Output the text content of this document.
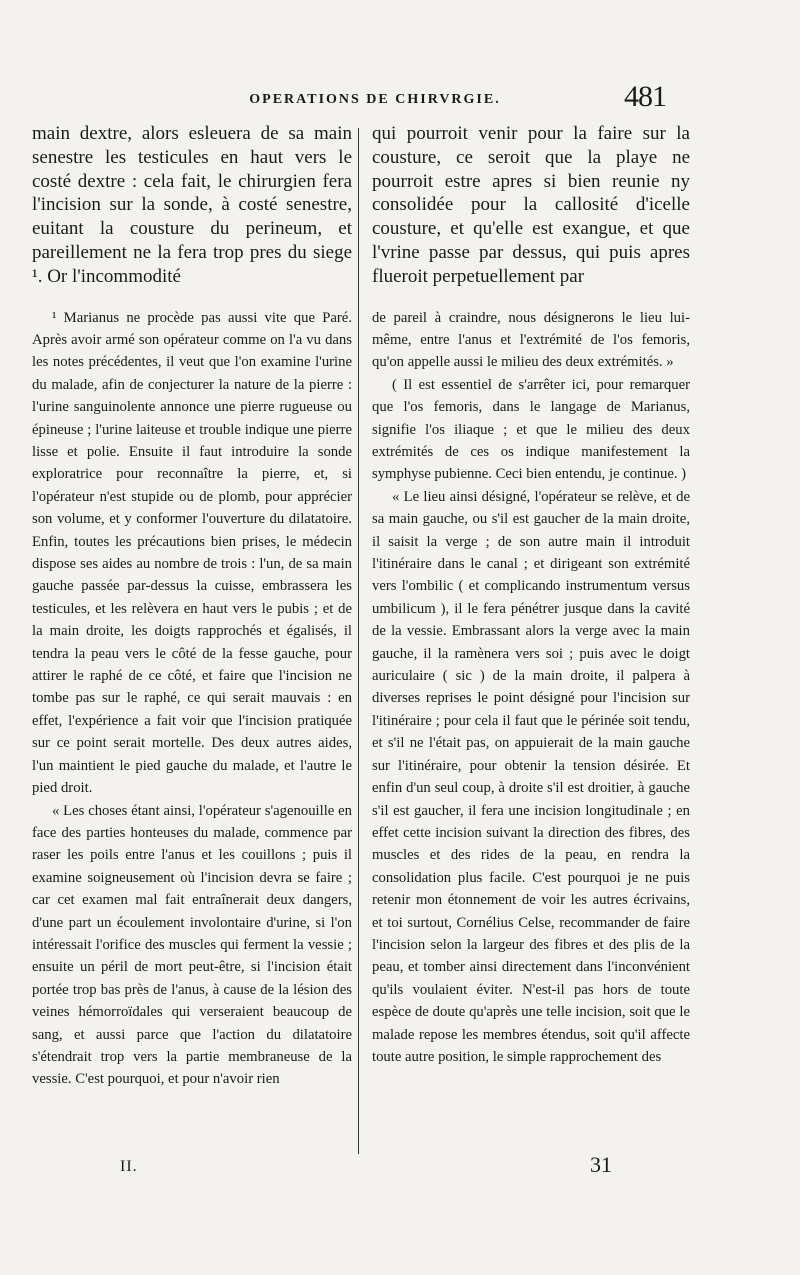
OPERATIONS DE CHIRVRGIE.	481

main dextre, alors esleuera de sa main senestre les testicules en haut vers le costé dextre : cela fait, le chirurgien fera l'incision sur la sonde, à costé senestre, euitant la cousture du perineum, et pareillement ne la fera trop pres du siege ¹. Or l'incommodité

¹ Marianus ne procède pas aussi vite que Paré. Après avoir armé son opérateur comme on l'a vu dans les notes précédentes, il veut que l'on examine l'urine du malade, afin de conjecturer la nature de la pierre : l'urine sanguinolente annonce une pierre rugueuse ou épineuse ; l'urine laiteuse et trouble indique une pierre lisse et polie. Ensuite il faut introduire la sonde exploratrice pour reconnaître la pierre, et, si l'opérateur n'est stupide ou de plomb, pour apprécier son volume, et y conformer l'ouverture du dilatatoire. Enfin, toutes les précautions bien prises, le médecin dispose ses aides au nombre de trois : l'un, de sa main gauche passée par-dessus la cuisse, embrassera les testicules, et les relèvera en haut vers le pubis ; et de la main droite, les doigts rapprochés et égalisés, il tendra la peau vers le côté de la fesse gauche, pour attirer le raphé de ce côté, et faire que l'incision ne tombe pas sur le raphé, ce qui serait mauvais : en effet, l'expérience a fait voir que l'incision pratiquée sur ce point serait mortelle. Des deux autres aides, l'un maintient le pied gauche du malade, et l'autre le pied droit.

« Les choses étant ainsi, l'opérateur s'agenouille en face des parties honteuses du malade, commence par raser les poils entre l'anus et les couillons ; puis il examine soigneusement où l'incision devra se faire ; car cet examen mal fait entraînerait deux dangers, d'une part un écoulement involontaire d'urine, si l'on intéressait l'orifice des muscles qui ferment la vessie ; ensuite un péril de mort peut-être, si l'incision était portée trop bas près de l'anus, à cause de la lésion des veines hémorroïdales qui verseraient beaucoup de sang, et aussi parce que l'action du dilatatoire s'étendrait trop vers la partie membraneuse de la vessie. C'est pourquoi, et pour n'avoir rien

qui pourroit venir pour la faire sur la cousture, ce seroit que la playe ne pourroit estre apres si bien reunie ny consolidée pour la callosité d'icelle cousture, et qu'elle est exangue, et que l'vrine passe par dessus, qui puis apres flueroit perpetuellement par

de pareil à craindre, nous désignerons le lieu lui-même, entre l'anus et l'extrémité de l'os femoris, qu'on appelle aussi le milieu des deux extrémités. »

( Il est essentiel de s'arrêter ici, pour remarquer que l'os femoris, dans le langage de Marianus, signifie l'os iliaque ; et que le milieu des deux extrémités de ces os indique manifestement la symphyse pubienne. Ceci bien entendu, je continue. )

« Le lieu ainsi désigné, l'opérateur se relève, et de sa main gauche, ou s'il est gaucher de la main droite, il saisit la verge ; de son autre main il introduit l'itinéraire dans le canal ; et dirigeant son extrémité vers l'ombilic ( et complicando instrumentum versus umbilicum ), il le fera pénétrer jusque dans la cavité de la vessie. Embrassant alors la verge avec la main gauche, il la ramènera vers soi ; puis avec le doigt auriculaire ( sic ) de la main droite, il palpera à diverses reprises le point désigné pour l'incision sur l'itinéraire ; pour cela il faut que le périnée soit tendu, et s'il ne l'était pas, on appuierait de la main gauche sur l'itinéraire, pour obtenir la tension désirée. Et enfin d'un seul coup, à droite s'il est droitier, à gauche s'il est gaucher, il fera une incision longitudinale ; en effet cette incision suivant la direction des fibres, des muscles et des rides de la peau, en rendra la consolidation plus facile. C'est pourquoi je ne puis retenir mon étonnement de voir les autres écrivains, et toi surtout, Cornélius Celse, recommander de faire l'incision selon la largeur des fibres et des plis de la peau, et tomber ainsi directement dans l'inconvénient qu'ils voulaient éviter. N'est-il pas hors de toute espèce de doute qu'après une telle incision, soit que le malade repose les membres étendus, soit qu'il affecte toute autre position, le simple rapprochement des

II.	31
